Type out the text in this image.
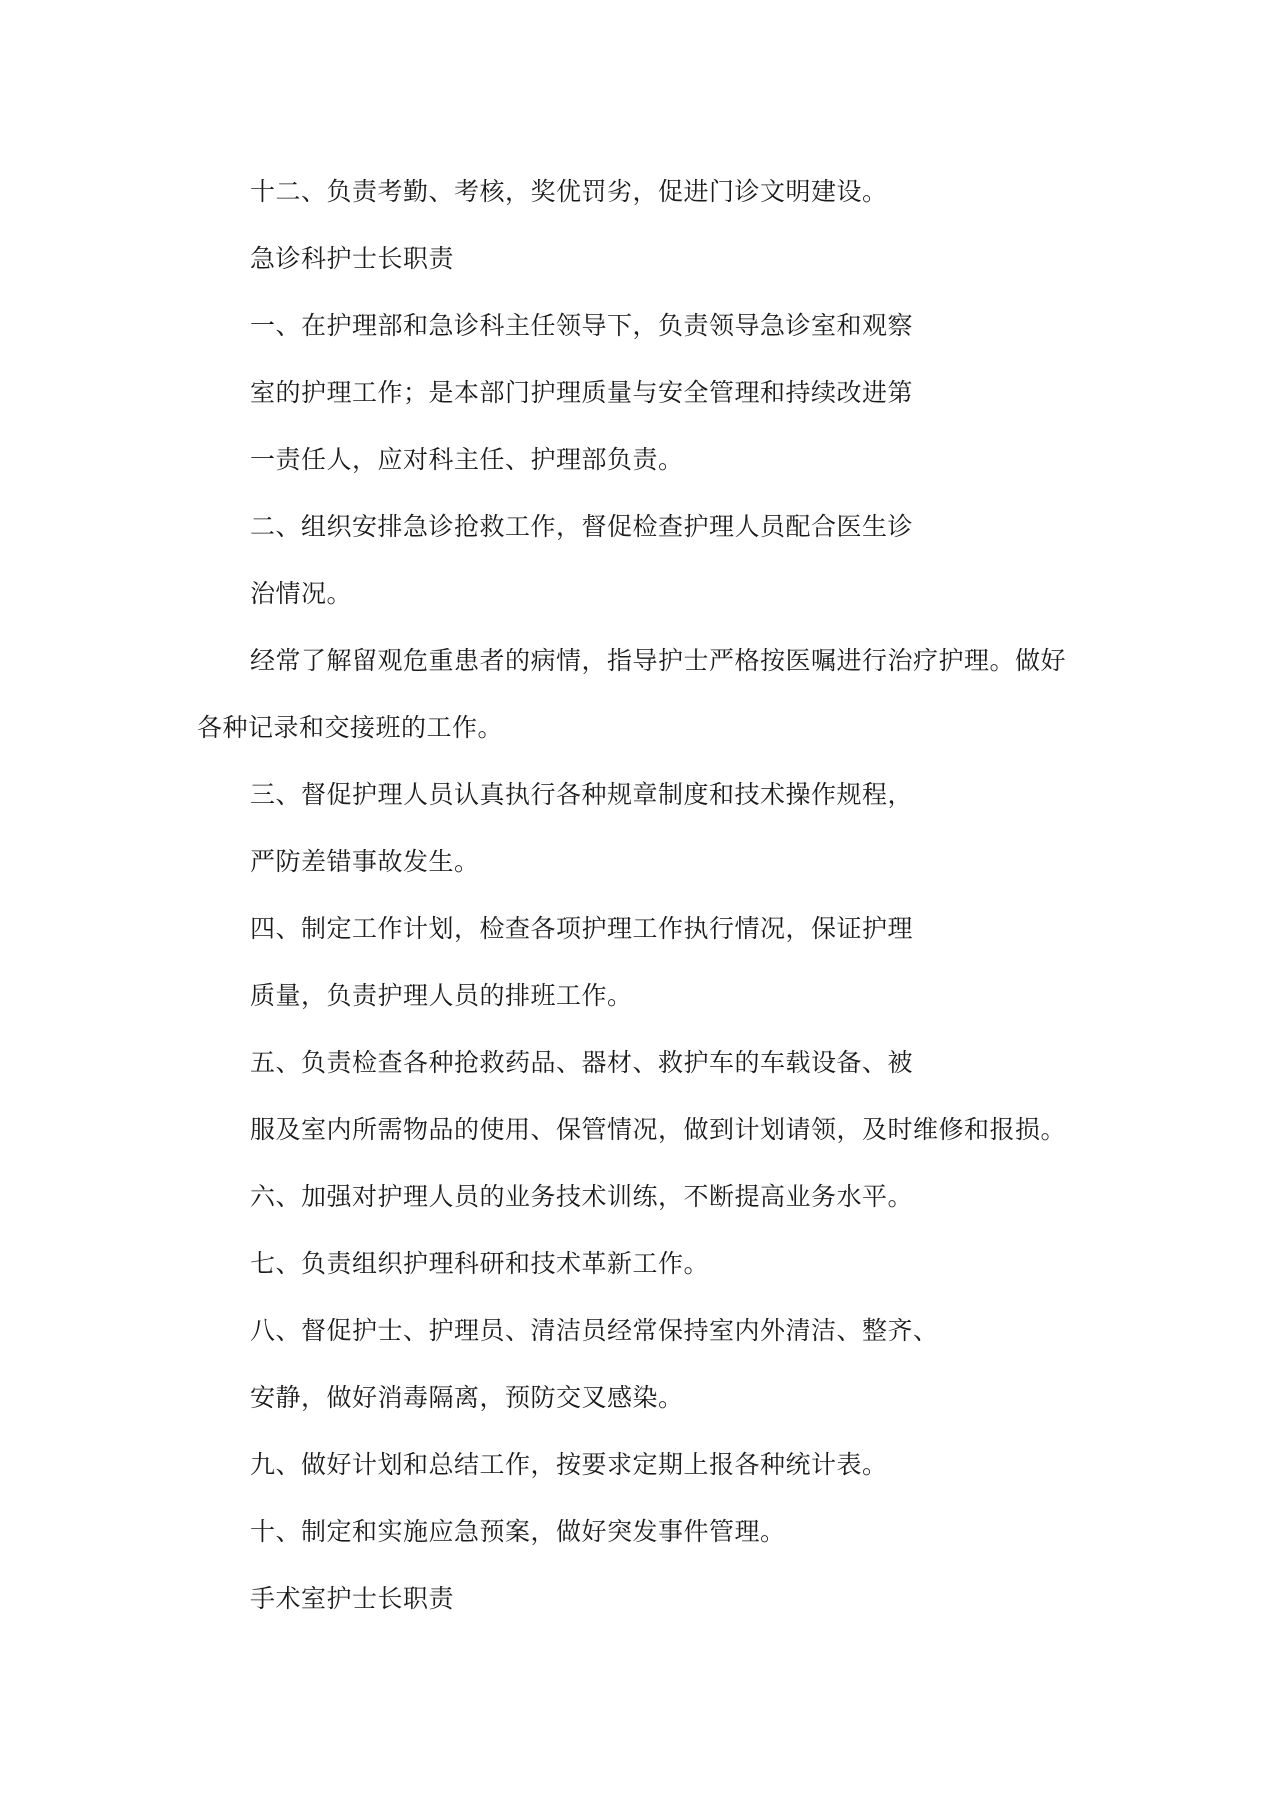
十二、负责考勤、考核，奖优罚劣，促进门诊文明建设。
急诊科护士长职责
一、在护理部和急诊科主任领导下，负责领导急诊室和观察
室的护理工作；是本部门护理质量与安全管理和持续改进第
一责任人，应对科主任、护理部负责。
二、组织安排急诊抢救工作，督促检查护理人员配合医生诊
治情况。
经常了解留观危重患者的病情，指导护士严格按医嘱进行治疗护理。做好
各种记录和交接班的工作。
三、督促护理人员认真执行各种规章制度和技术操作规程，
严防差错事故发生。
四、制定工作计划，检查各项护理工作执行情况，保证护理
质量，负责护理人员的排班工作。
五、负责检查各种抢救药品、器材、救护车的车载设备、被
服及室内所需物品的使用、保管情况，做到计划请领，及时维修和报损。
六、加强对护理人员的业务技术训练，不断提高业务水平。
七、负责组织护理科研和技术革新工作。
八、督促护士、护理员、清洁员经常保持室内外清洁、整齐、
安静，做好消毒隔离，预防交叉感染。
九、做好计划和总结工作，按要求定期上报各种统计表。
十、制定和实施应急预案，做好突发事件管理。
手术室护士长职责
